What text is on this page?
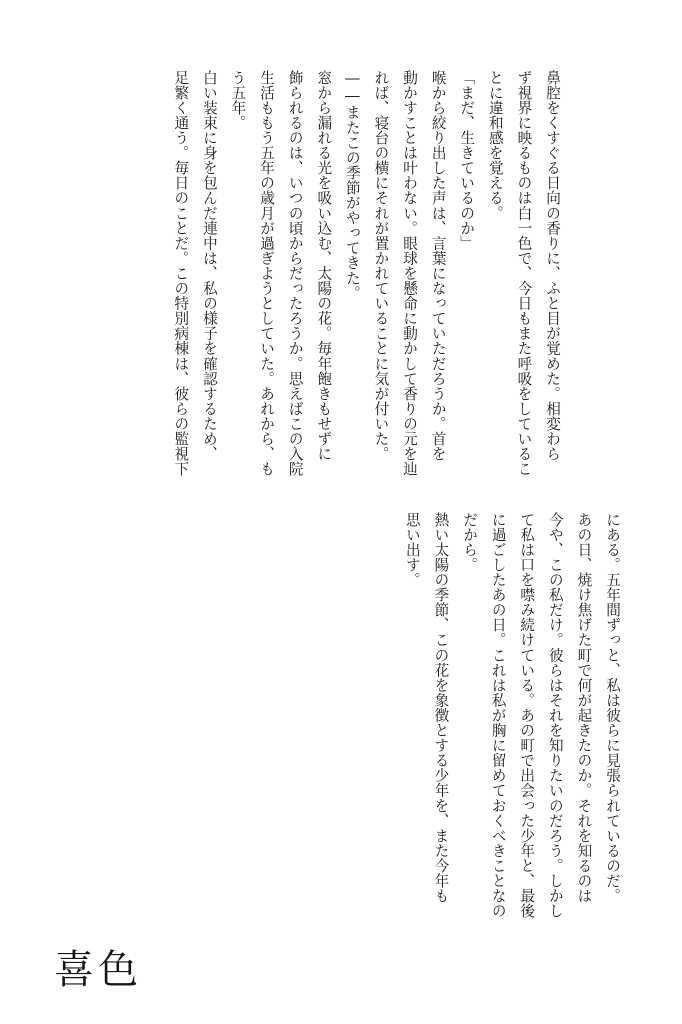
鼻腔をくすぐる日向の香りに、ふと目が覚めた。相変わら
ず視界に映るものは白一色で、今日もまた呼吸をしているこ
とに違和感を覚える。
「まだ、生きているのか」
喉から絞り出した声は、言葉になっていただろうか。首を
動かすことは叶わない。眼球を懸命に動かして香りの元を辿
れば、寝台の横にそれが置かれていることに気が付いた。
――またこの季節がやってきた。
窓から漏れる光を吸い込む、太陽の花。毎年飽きもせずに
飾られるのは、いつの頃からだったろうか。思えばこの入院
生活ももう五年の歳月が過ぎようとしていた。あれから、も
う五年。
白い装束に身を包んだ連中は、私の様子を確認するため、
足繁く通う。毎日のことだ。この特別病棟は、彼らの監視下
にある。五年間ずっと、私は彼らに見張られているのだ。
あの日、焼け焦げた町で何が起きたのか。それを知るのは
今や、この私だけ。彼らはそれを知りたいのだろう。しかし
て私は口を噤み続けている。あの町で出会った少年と、最後
に過ごしたあの日。これは私が胸に留めておくべきことなの
だから。
熱い太陽の季節、この花を象徴とする少年を、また今年も
思い出す。
喜色
